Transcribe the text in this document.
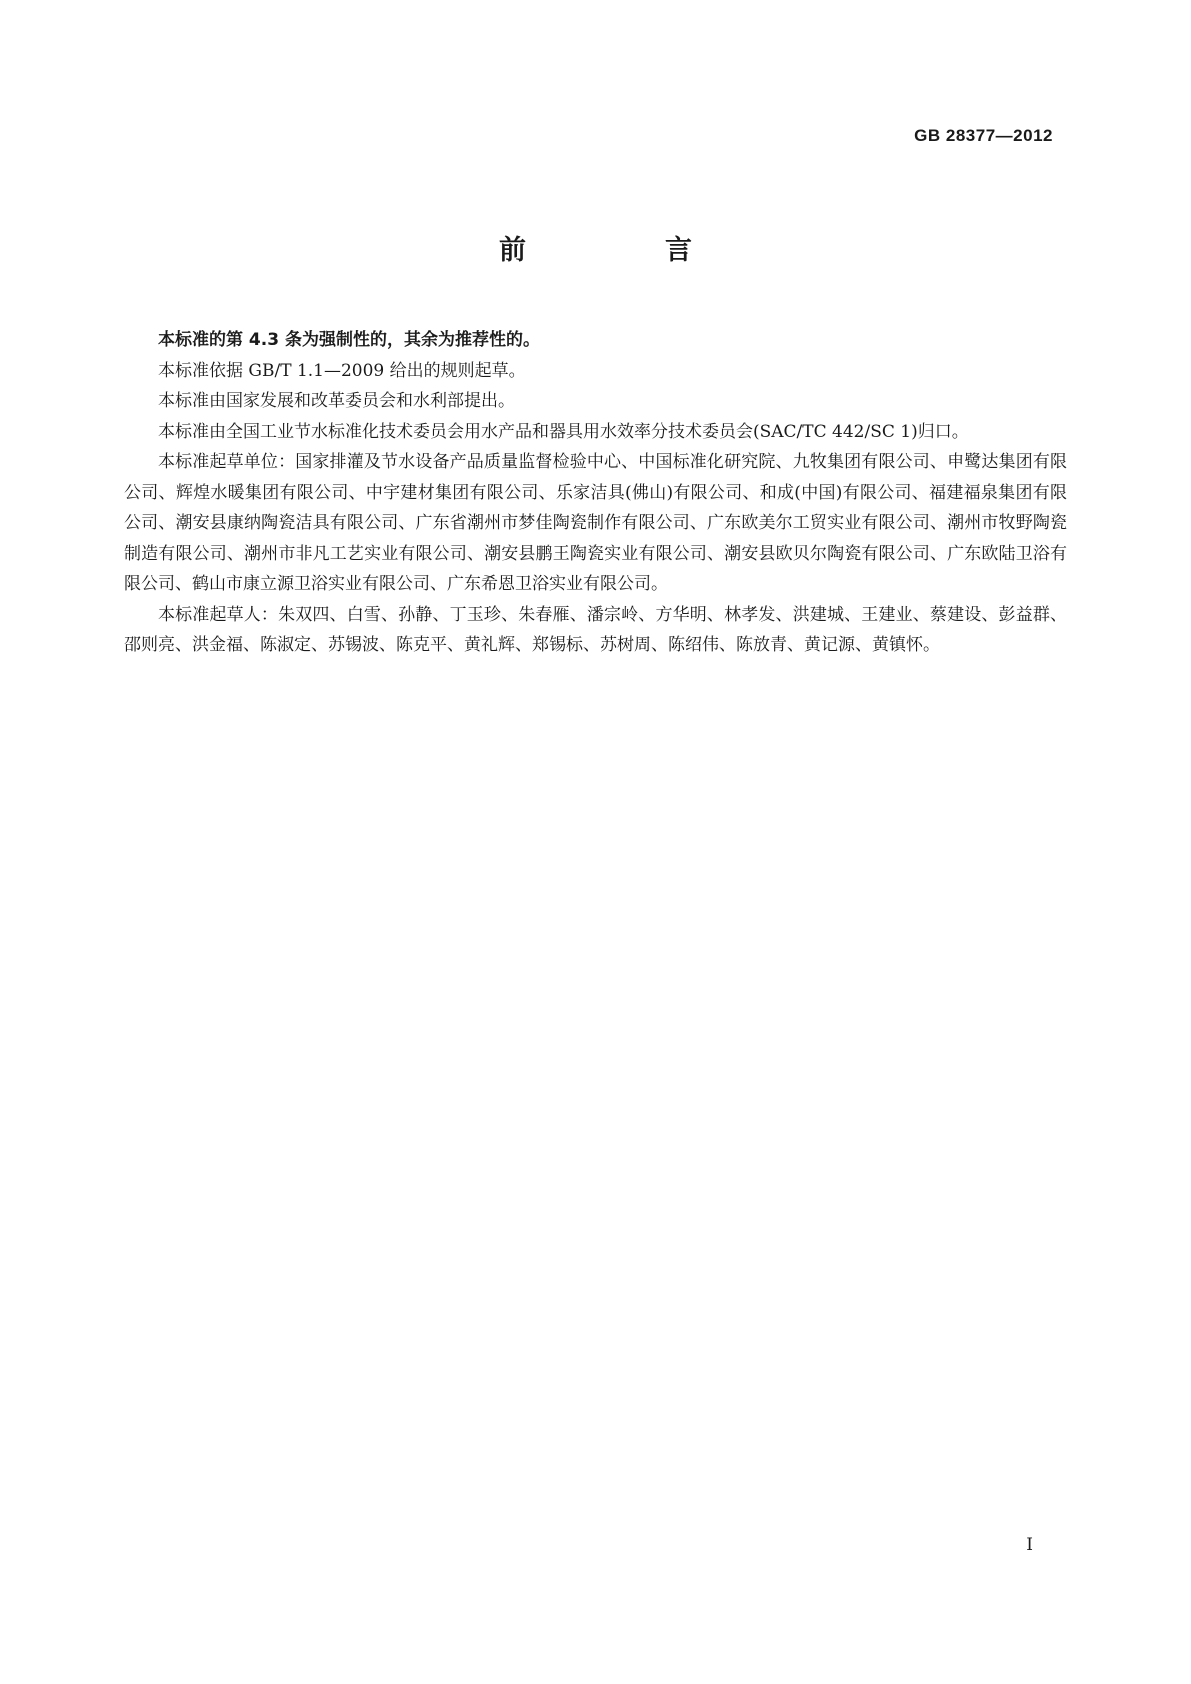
GB 28377—2012
前　言

本标准的第 4.3 条为强制性的，其余为推荐性的。

本标准依据 GB/T 1.1—2009 给出的规则起草。

本标准由国家发展和改革委员会和水利部提出。

本标准由全国工业节水标准化技术委员会用水产品和器具用水效率分技术委员会(SAC/TC 442/SC 1)归口。

本标准起草单位：国家排灌及节水设备产品质量监督检验中心、中国标准化研究院、九牧集团有限公司、申鹭达集团有限公司、辉煌水暖集团有限公司、中宇建材集团有限公司、乐家洁具(佛山)有限公司、和成(中国)有限公司、福建福泉集团有限公司、潮安县康纳陶瓷洁具有限公司、广东省潮州市梦佳陶瓷制作有限公司、广东欧美尔工贸实业有限公司、潮州市牧野陶瓷制造有限公司、潮州市非凡工艺实业有限公司、潮安县鹏王陶瓷实业有限公司、潮安县欧贝尔陶瓷有限公司、广东欧陆卫浴有限公司、鹤山市康立源卫浴实业有限公司、广东希恩卫浴实业有限公司。

本标准起草人：朱双四、白雪、孙静、丁玉珍、朱春雁、潘宗岭、方华明、林孝发、洪建城、王建业、蔡建设、彭益群、邵则亮、洪金福、陈淑定、苏锡波、陈克平、黄礼辉、郑锡标、苏树周、陈绍伟、陈放青、黄记源、黄镇怀。

I
